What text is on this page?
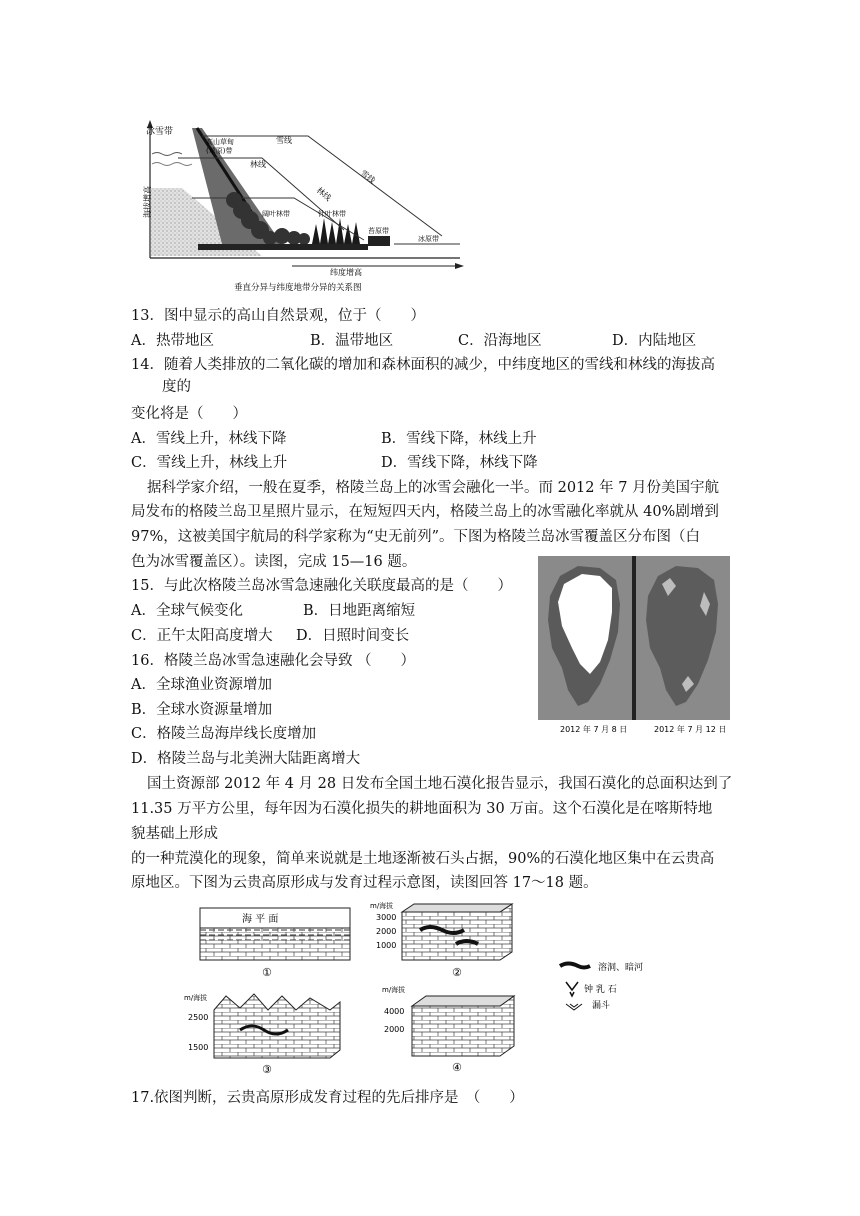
冰雪带
高山草甸
(草原)带
雪线
林线
林线
雪线
阔叶林带	针叶林带
苔原带
冰原带
海拔增高
纬度增高
垂直分异与纬度地带分异的关系图
13．图中显示的高山自然景观，位于（　　）
A．热带地区	B．温带地区	C．沿海地区	D．内陆地区
14．随着人类排放的二氧化碳的增加和森林面积的减少，中纬度地区的雪线和林线的海拔高
度的
变化将是（　　）
A．雪线上升，林线下降	B．雪线下降，林线上升
C．雪线上升，林线上升	D．雪线下降，林线下降
据科学家介绍，一般在夏季，格陵兰岛上的冰雪会融化一半。而 2012 年 7 月份美国宇航
局发布的格陵兰岛卫星照片显示，在短短四天内，格陵兰岛上的冰雪融化率就从 40%剧增到
97%，这被美国宇航局的科学家称为“史无前列”。下图为格陵兰岛冰雪覆盖区分布图（白
色为冰雪覆盖区）。读图，完成 15—16 题。
15．与此次格陵兰岛冰雪急速融化关联度最高的是（　　）
A．全球气候变化	B．日地距离缩短
C．正午太阳高度增大 D．日照时间变长
16．格陵兰岛冰雪急速融化会导致 （　　）
A．全球渔业资源增加
B．全球水资源量增加
C．格陵兰岛海岸线长度增加
D．格陵兰岛与北美洲大陆距离增大
2012 年 7 月 8 日	2012 年 7 月 12 日
国土资源部 2012 年 4 月 28 日发布全国土地石漠化报告显示，我国石漠化的总面积达到了
11.35 万平方公里，每年因为石漠化损失的耕地面积为 30 万亩。这个石漠化是在喀斯特地
貌基础上形成
的一种荒漠化的现象，简单来说就是土地逐渐被石头占据，90%的石漠化地区集中在云贵高
原地区。下图为云贵高原形成与发育过程示意图，读图回答 17～18 题。
海 平 面
①
m/海拔
3000
2000
1000
②
m/海拔
2500
1500
③
m/海拔
4000
2000
④
溶洞、暗河
钟 乳 石
漏斗
17.依图判断，云贵高原形成发育过程的先后排序是　（　　）
